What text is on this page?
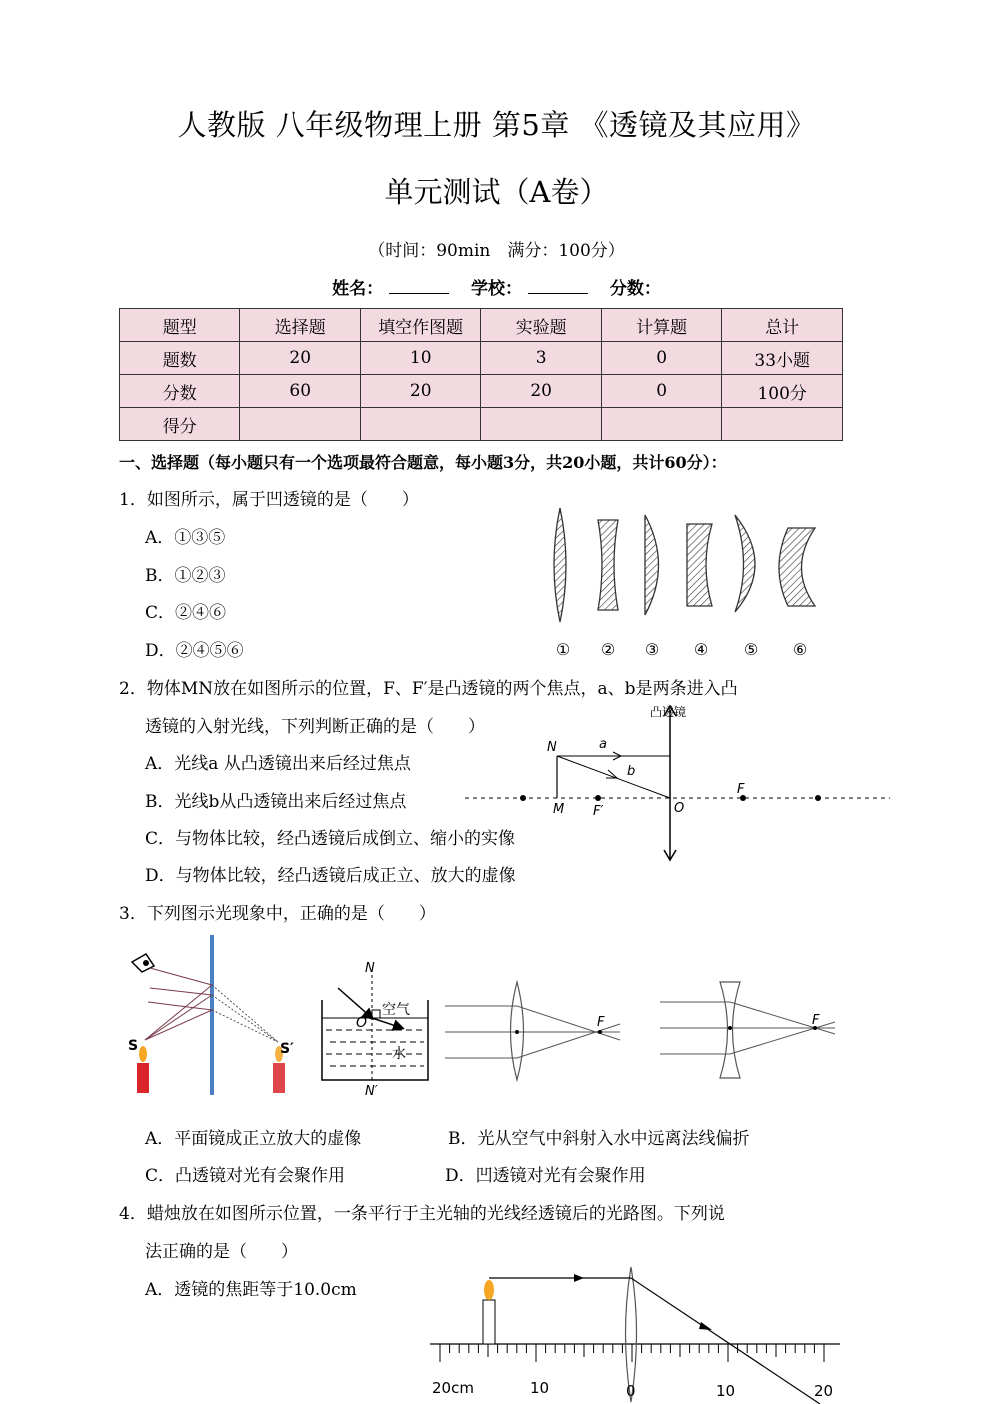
人教版 八年级物理上册 第5章 《透镜及其应用》
单元测试（A卷）
（时间：90min　满分：100分）
姓名：	学校：	分数：
题型	选择题	填空作图题	实验题	计算题	总计
题数	20	10	3	0	33小题
分数	60	20	20	0	100分
得分					
一、选择题（每小题只有一个选项最符合题意，每小题3分，共20小题，共计60分）：
1．如图所示，属于凹透镜的是（　　）
A．①③⑤
B．①②③
C．②④⑥
D．②④⑤⑥	① ② ③ ④ ⑤ ⑥
2．物体MN放在如图所示的位置，F、F′是凸透镜的两个焦点，a、b是两条进入凸
透镜的入射光线，下列判断正确的是（　　）
A．光线a 从凸透镜出来后经过焦点
B．光线b从凸透镜出来后经过焦点
C．与物体比较，经凸透镜后成倒立、缩小的实像
D．与物体比较，经凸透镜后成正立、放大的虚像
凸透镜
N
M
a
b
F′	O
F
3．下列图示光现象中，正确的是（　　）
S	S′
N
N′
空气
水
O	F	F
A．平面镜成正立放大的虚像	B．光从空气中斜射入水中远离法线偏折
C．凸透镜对光有会聚作用	D．凹透镜对光有会聚作用
4．蜡烛放在如图所示位置，一条平行于主光轴的光线经透镜后的光路图。下列说
法正确的是（　　）
A．透镜的焦距等于10.0cm
20cm	10	0	10	20
